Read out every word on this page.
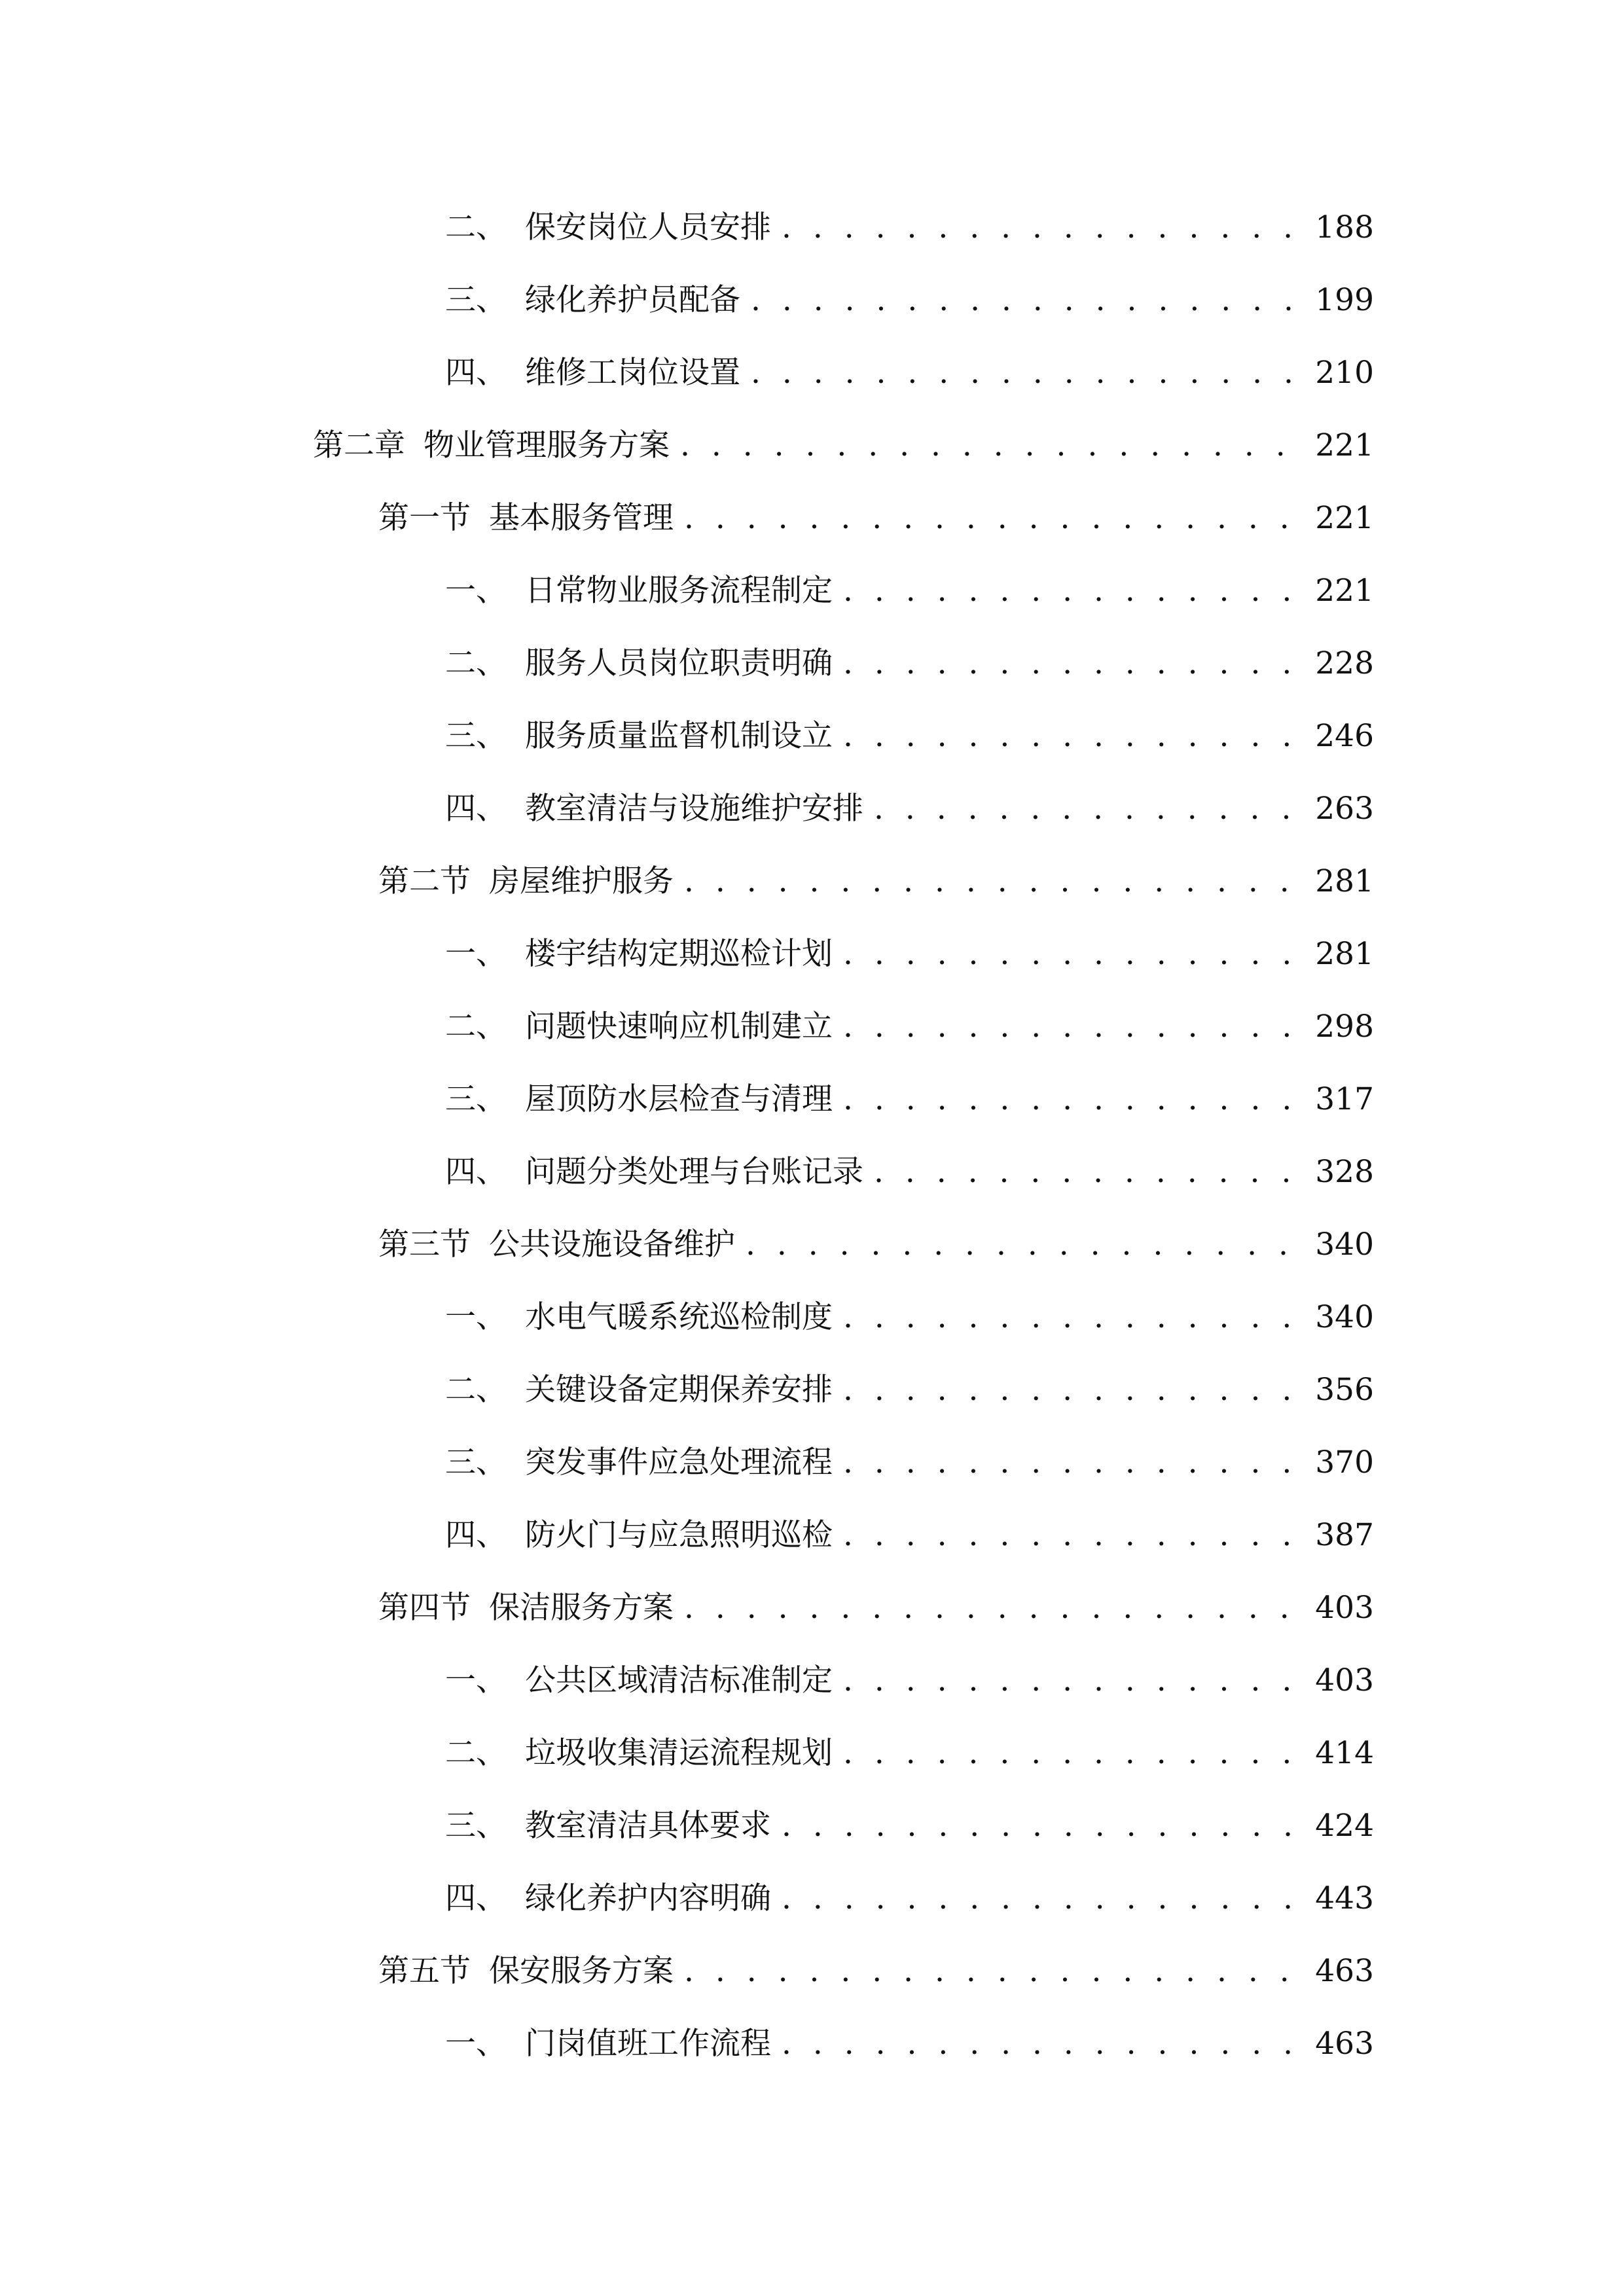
二、 保安岗位人员安排 . . .	188
三、 绿化养护员配备 . . .	199
四、 维修工岗位设置 . . .	210
第二章 物业管理服务方案 . . .	221
第一节 基本服务管理 . . .	221
一、 日常物业服务流程制定 . . .	221
二、 服务人员岗位职责明确 . . .	228
三、 服务质量监督机制设立 . . .	246
四、 教室清洁与设施维护安排 . . .	263
第二节 房屋维护服务 . . .	281
一、 楼宇结构定期巡检计划 . . .	281
二、 问题快速响应机制建立 . . .	298
三、 屋顶防水层检查与清理 . . .	317
四、 问题分类处理与台账记录 . . .	328
第三节 公共设施设备维护 . . .	340
一、 水电气暖系统巡检制度 . . .	340
二、 关键设备定期保养安排 . . .	356
三、 突发事件应急处理流程 . . .	370
四、 防火门与应急照明巡检 . . .	387
第四节 保洁服务方案 . . .	403
一、 公共区域清洁标准制定 . . .	403
二、 垃圾收集清运流程规划 . . .	414
三、 教室清洁具体要求 . . .	424
四、 绿化养护内容明确 . . .	443
第五节 保安服务方案 . . .	463
一、 门岗值班工作流程 . . .	463
